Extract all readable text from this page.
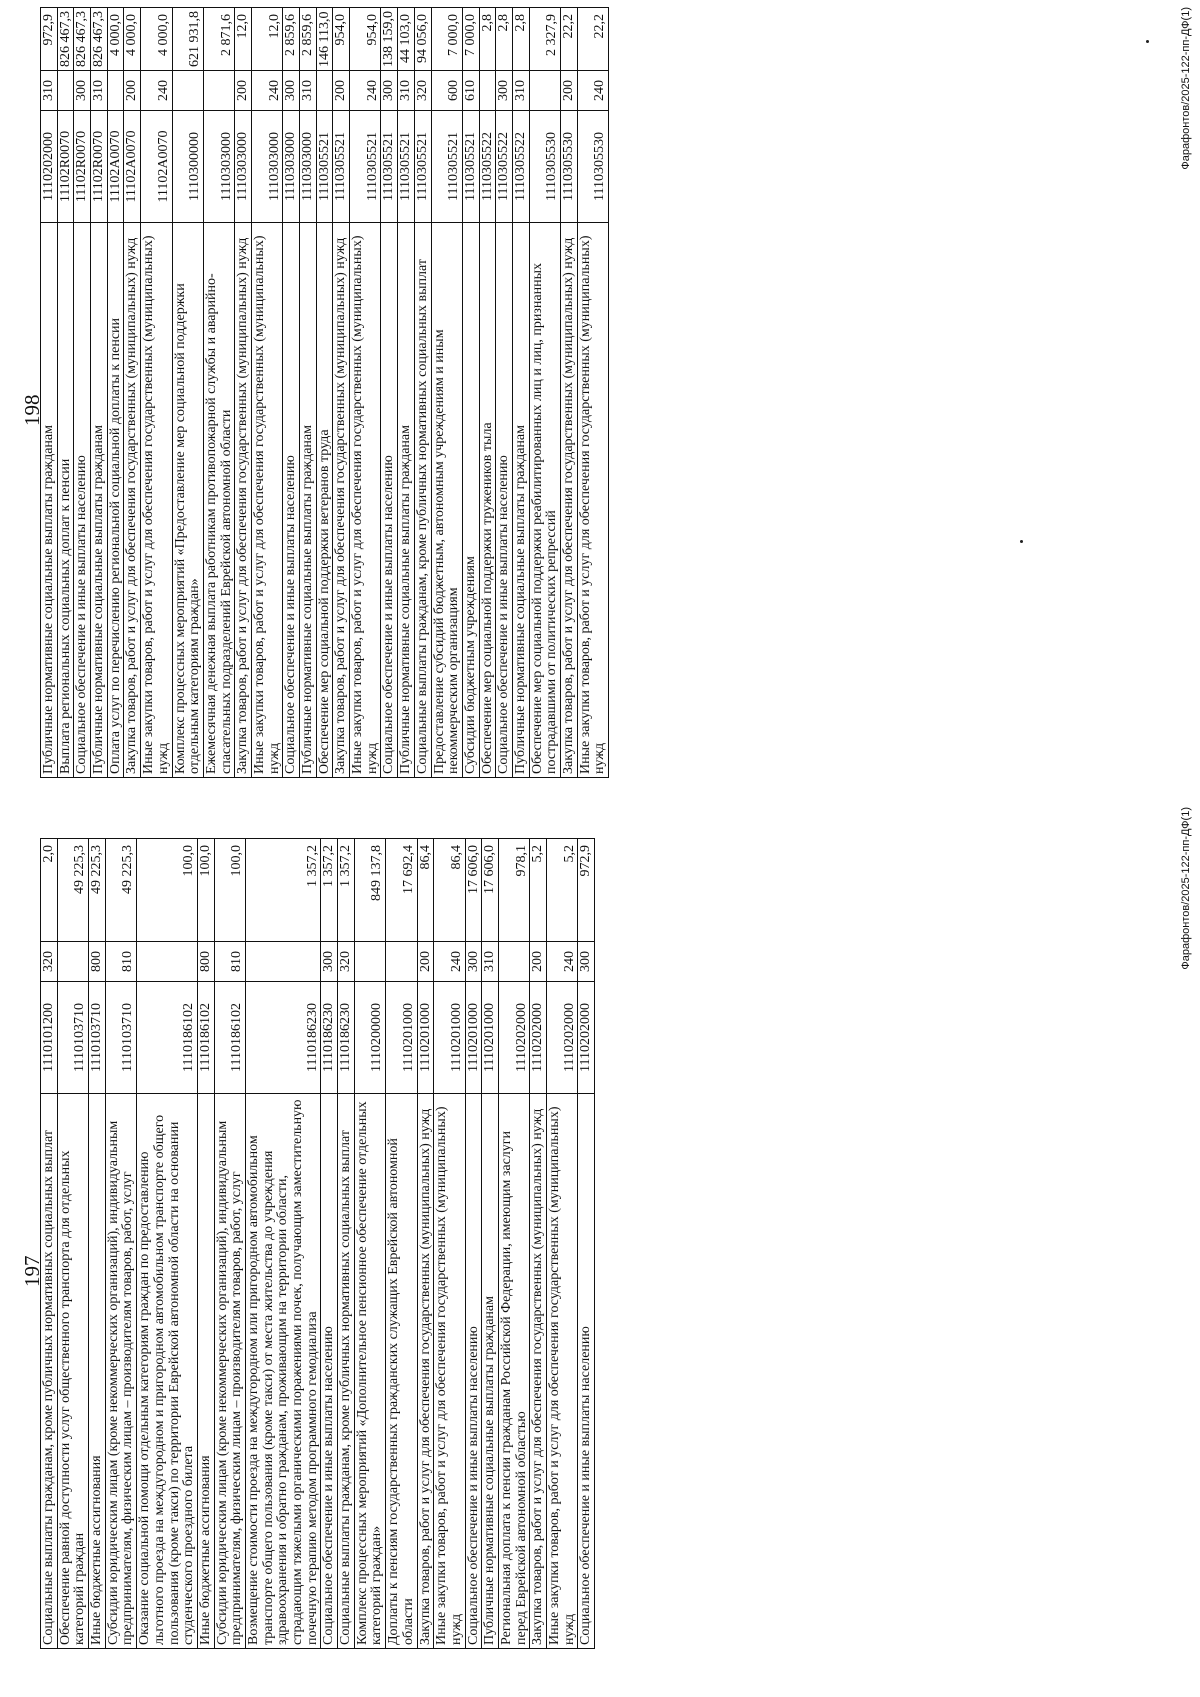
198
Публичные нормативные социальные выплаты гражданам	1110202000	310	972,9
Выплата региональных социальных доплат к пенсии	11102R0070		826 467,3
Социальное обеспечение и иные выплаты населению	11102R0070	300	826 467,3
Публичные нормативные социальные выплаты гражданам	11102R0070	310	826 467,3
Оплата услуг по перечислению региональной социальной доплаты к пенсии	11102А0070		4 000,0
Закупка товаров, работ и услуг для обеспечения государственных (муниципальных) нужд	11102А0070	200	4 000,0
Иные закупки товаров, работ и услуг для обеспечения государственных (муниципальных) нужд	11102А0070	240	4 000,0
Комплекс процессных мероприятий «Предоставление мер социальной поддержки отдельным категориям граждан»	1110300000		621 931,8
Ежемесячная денежная выплата работникам противопожарной службы и аварийно-спасательных подразделений Еврейской автономной области	1110303000		2 871,6
Закупка товаров, работ и услуг для обеспечения государственных (муниципальных) нужд	1110303000	200	12,0
Иные закупки товаров, работ и услуг для обеспечения государственных (муниципальных) нужд	1110303000	240	12,0
Социальное обеспечение и иные выплаты населению	1110303000	300	2 859,6
Публичные нормативные социальные выплаты гражданам	1110303000	310	2 859,6
Обеспечение мер социальной поддержки ветеранов труда	1110305521		146 113,0
Закупка товаров, работ и услуг для обеспечения государственных (муниципальных) нужд	1110305521	200	954,0
Иные закупки товаров, работ и услуг для обеспечения государственных (муниципальных) нужд	1110305521	240	954,0
Социальное обеспечение и иные выплаты населению	1110305521	300	138 159,0
Публичные нормативные социальные выплаты гражданам	1110305521	310	44 103,0
Социальные выплаты гражданам, кроме публичных нормативных социальных выплат	1110305521	320	94 056,0
Предоставление субсидий бюджетным, автономным учреждениям и иным некоммерческим организациям	1110305521	600	7 000,0
Субсидии бюджетным учреждениям	1110305521	610	7 000,0
Обеспечение мер социальной поддержки тружеников тыла	1110305522		2,8
Социальное обеспечение и иные выплаты населению	1110305522	300	2,8
Публичные нормативные социальные выплаты гражданам	1110305522	310	2,8
Обеспечение мер социальной поддержки реабилитированных лиц и лиц, признанных пострадавшими от политических репрессий	1110305530		2 327,9
Закупка товаров, работ и услуг для обеспечения государственных (муниципальных) нужд	1110305530	200	22,2
Иные закупки товаров, работ и услуг для обеспечения государственных (муниципальных) нужд	1110305530	240	22,2	Фарафонтов/2025-122-пп-ДФ(1)
197
Социальные выплаты гражданам, кроме публичных нормативных социальных выплат	1110101200	320	2,0
Обеспечение равной доступности услуг общественного транспорта для отдельных категорий граждан	1110103710		49 225,3
Иные бюджетные ассигнования	1110103710	800	49 225,3
Субсидии юридическим лицам (кроме некоммерческих организаций), индивидуальным предпринимателям, физическим лицам – производителям товаров, работ, услуг	1110103710	810	49 225,3
Оказание социальной помощи отдельным категориям граждан по предоставлению льготного проезда на междугородном и пригородном автомобильном транспорте общего пользования (кроме такси) по территории Еврейской автономной области на основании студенческого проездного билета	1110186102		100,0
Иные бюджетные ассигнования	1110186102	800	100,0
Субсидии юридическим лицам (кроме некоммерческих организаций), индивидуальным предпринимателям, физическим лицам – производителям товаров, работ, услуг	1110186102	810	100,0
Возмещение стоимости проезда на междугородном или пригородном автомобильном транспорте общего пользования (кроме такси) от места жительства до учреждения здравоохранения и обратно гражданам, проживающим на территории области, страдающим тяжелыми органическими поражениями почек, получающим заместительную почечную терапию методом программного гемодиализа	1110186230		1 357,2
Социальное обеспечение и иные выплаты населению	1110186230	300	1 357,2
Социальные выплаты гражданам, кроме публичных нормативных социальных выплат	1110186230	320	1 357,2
Комплекс процессных мероприятий «Дополнительное пенсионное обеспечение отдельных категорий граждан»	1110200000		849 137,8
Доплаты к пенсиям государственных гражданских служащих Еврейской автономной области	1110201000		17 692,4
Закупка товаров, работ и услуг для обеспечения государственных (муниципальных) нужд	1110201000	200	86,4
Иные закупки товаров, работ и услуг для обеспечения государственных (муниципальных) нужд	1110201000	240	86,4
Социальное обеспечение и иные выплаты населению	1110201000	300	17 606,0
Публичные нормативные социальные выплаты гражданам	1110201000	310	17 606,0
Региональная доплата к пенсии гражданам Российской Федерации, имеющим заслуги перед Еврейской автономной областью	1110202000		978,1
Закупка товаров, работ и услуг для обеспечения государственных (муниципальных) нужд	1110202000	200	5,2
Иные закупки товаров, работ и услуг для обеспечения государственных (муниципальных) нужд	1110202000	240	5,2
Социальное обеспечение и иные выплаты населению	1110202000	300	972,9	Фарафонтов/2025-122-пп-ДФ(1)
